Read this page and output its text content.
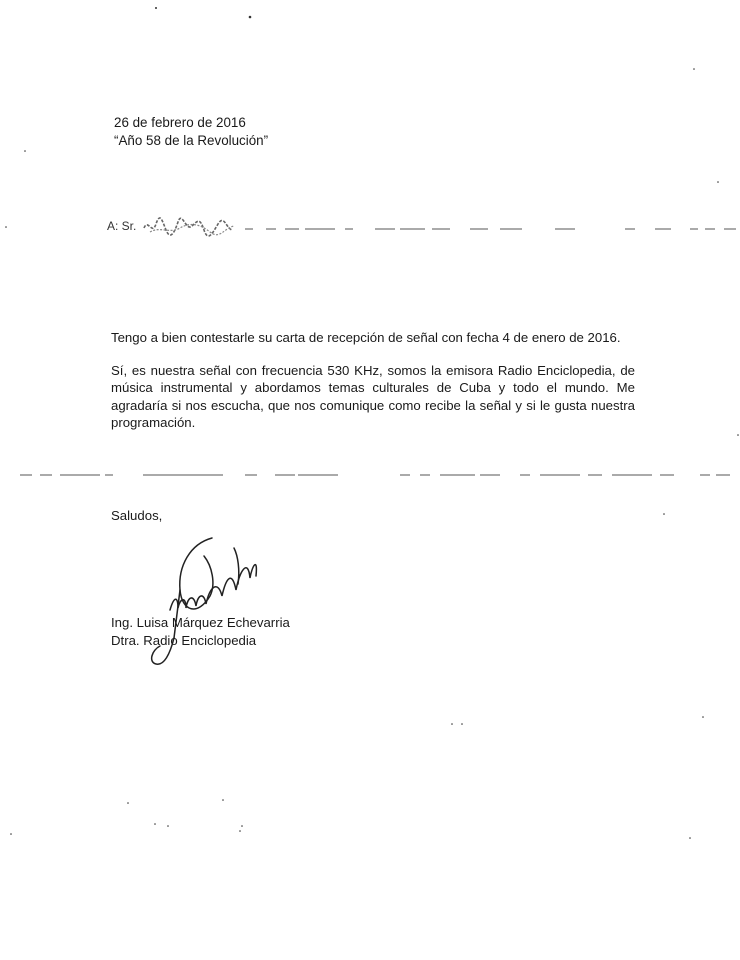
26 de febrero de 2016
“Año 58 de la Revolución”
A: Sr.

Tengo a bien contestarle su carta de recepción de señal con fecha 4 de enero de 2016.

Sí, es nuestra señal con frecuencia 530 KHz, somos la emisora Radio Enciclopedia, de música instrumental y abordamos temas culturales de Cuba y todo el mundo. Me agradaría si nos escucha, que nos comunique como recibe la señal y si le gusta nuestra programación.

Saludos,
Ing. Luisa Márquez Echevarria
Dtra. Radio Enciclopedia
